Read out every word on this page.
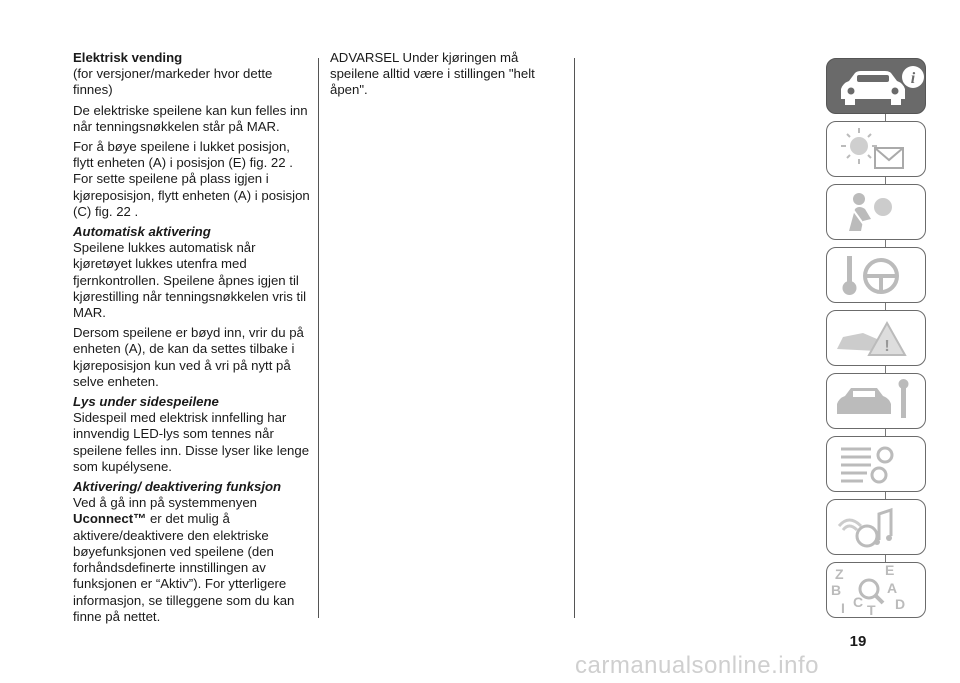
Elektrisk vending

(for versjoner/markeder hvor dette finnes)

De elektriske speilene kan kun felles inn når tenningsnøkkelen står på MAR.

For å bøye speilene i lukket posisjon, flytt enheten (A) i posisjon (E) fig. 22 . For sette speilene på plass igjen i kjøreposisjon, flytt enheten (A) i posisjon (C) fig. 22 .

Automatisk aktivering

Speilene lukkes automatisk når kjøretøyet lukkes utenfra med fjernkontrollen. Speilene åpnes igjen til kjørestilling når tenningsnøkkelen vris til MAR.

Dersom speilene er bøyd inn, vrir du på enheten (A), de kan da settes tilbake i kjøreposisjon kun ved å vri på nytt på selve enheten.

Lys under sidespeilene

Sidespeil med elektrisk innfelling har innvendig LED-lys som tennes når speilene felles inn. Disse lyser like lenge som kupélysene.

Aktivering/ deaktivering funksjon

Ved å gå inn på systemmenyen
Uconnect™ er det mulig å aktivere/deaktivere den elektriske bøyefunksjonen ved speilene (den forhåndsdefinerte innstillingen av funksjonen er “Aktiv”). For ytterligere informasjon, se tilleggene som du kan finne på nettet.

ADVARSEL Under kjøringen må speilene alltid være i stillingen "helt åpen".

i
!
Z	E
B	A
I C T D
19
carmanualsonline.info
